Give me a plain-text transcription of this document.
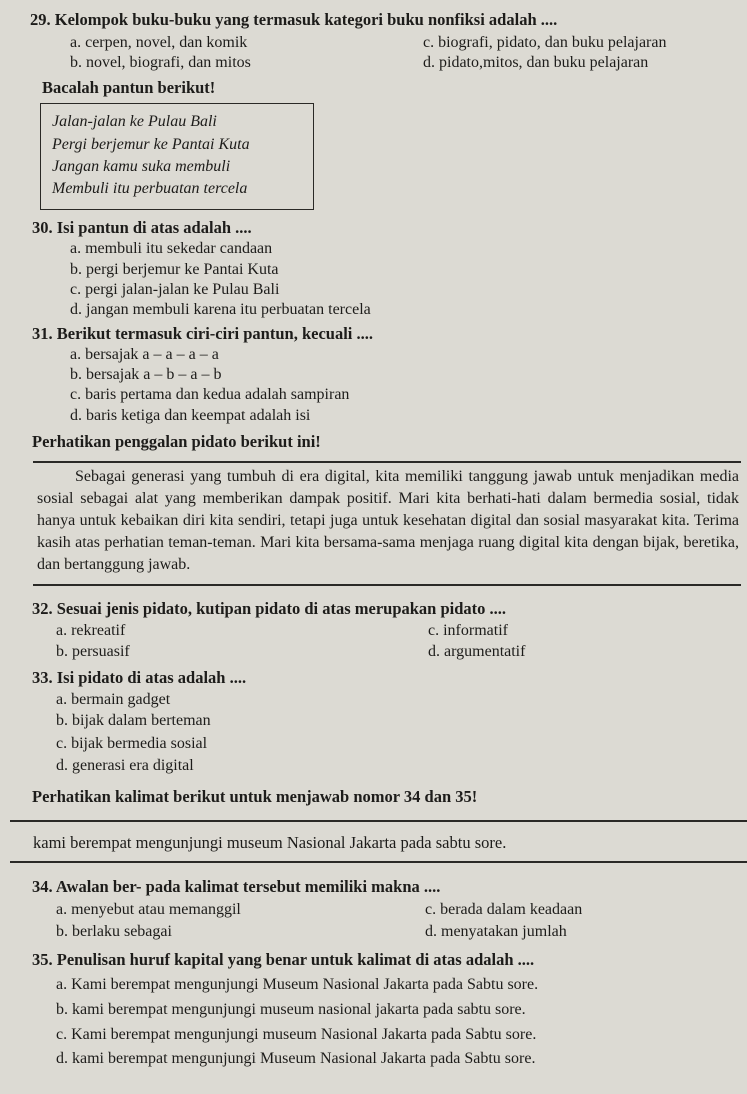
29. Kelompok buku-buku yang termasuk kategori buku nonfiksi adalah ....
a. cerpen, novel, dan komik
b. novel, biografi, dan mitos
c. biografi, pidato, dan buku pelajaran
d. pidato,mitos, dan buku pelajaran
Bacalah pantun berikut!
Jalan-jalan ke Pulau Bali
Pergi berjemur ke Pantai Kuta
Jangan kamu suka membuli
Membuli itu perbuatan tercela
30. Isi pantun di atas adalah ....
a. membuli itu sekedar candaan
b. pergi berjemur ke Pantai Kuta
c. pergi jalan-jalan ke Pulau Bali
d. jangan membuli karena itu perbuatan tercela
31. Berikut termasuk ciri-ciri pantun, kecuali ....
a. bersajak a – a – a – a
b. bersajak a – b – a – b
c. baris pertama dan kedua adalah sampiran
d. baris ketiga dan keempat adalah isi
Perhatikan penggalan pidato berikut ini!
Sebagai generasi yang tumbuh di era digital, kita memiliki tanggung jawab untuk menjadikan media sosial sebagai alat yang memberikan dampak positif. Mari kita berhati-hati dalam bermedia sosial, tidak hanya untuk kebaikan diri kita sendiri, tetapi juga untuk kesehatan digital dan sosial masyarakat kita. Terima kasih atas perhatian teman-teman. Mari kita bersama-sama menjaga ruang digital kita dengan bijak, beretika, dan bertanggung jawab.
32. Sesuai jenis pidato, kutipan pidato di atas merupakan pidato ....
a. rekreatif
b. persuasif
c. informatif
d. argumentatif
33. Isi pidato di atas adalah ....
a. bermain gadget
b. bijak dalam berteman
c. bijak bermedia sosial
d. generasi era digital
Perhatikan kalimat berikut untuk menjawab nomor 34 dan 35!
kami berempat mengunjungi museum Nasional Jakarta pada sabtu sore.
34. Awalan ber- pada kalimat tersebut memiliki makna ....
a. menyebut atau memanggil
b. berlaku sebagai
c. berada dalam keadaan
d. menyatakan jumlah
35. Penulisan huruf kapital yang benar untuk kalimat di atas adalah ....
a. Kami berempat mengunjungi Museum Nasional Jakarta pada Sabtu sore.
b. kami berempat mengunjungi museum nasional jakarta pada sabtu sore.
c. Kami berempat mengunjungi museum Nasional Jakarta pada Sabtu sore.
d. kami berempat mengunjungi Museum Nasional Jakarta pada Sabtu sore.
